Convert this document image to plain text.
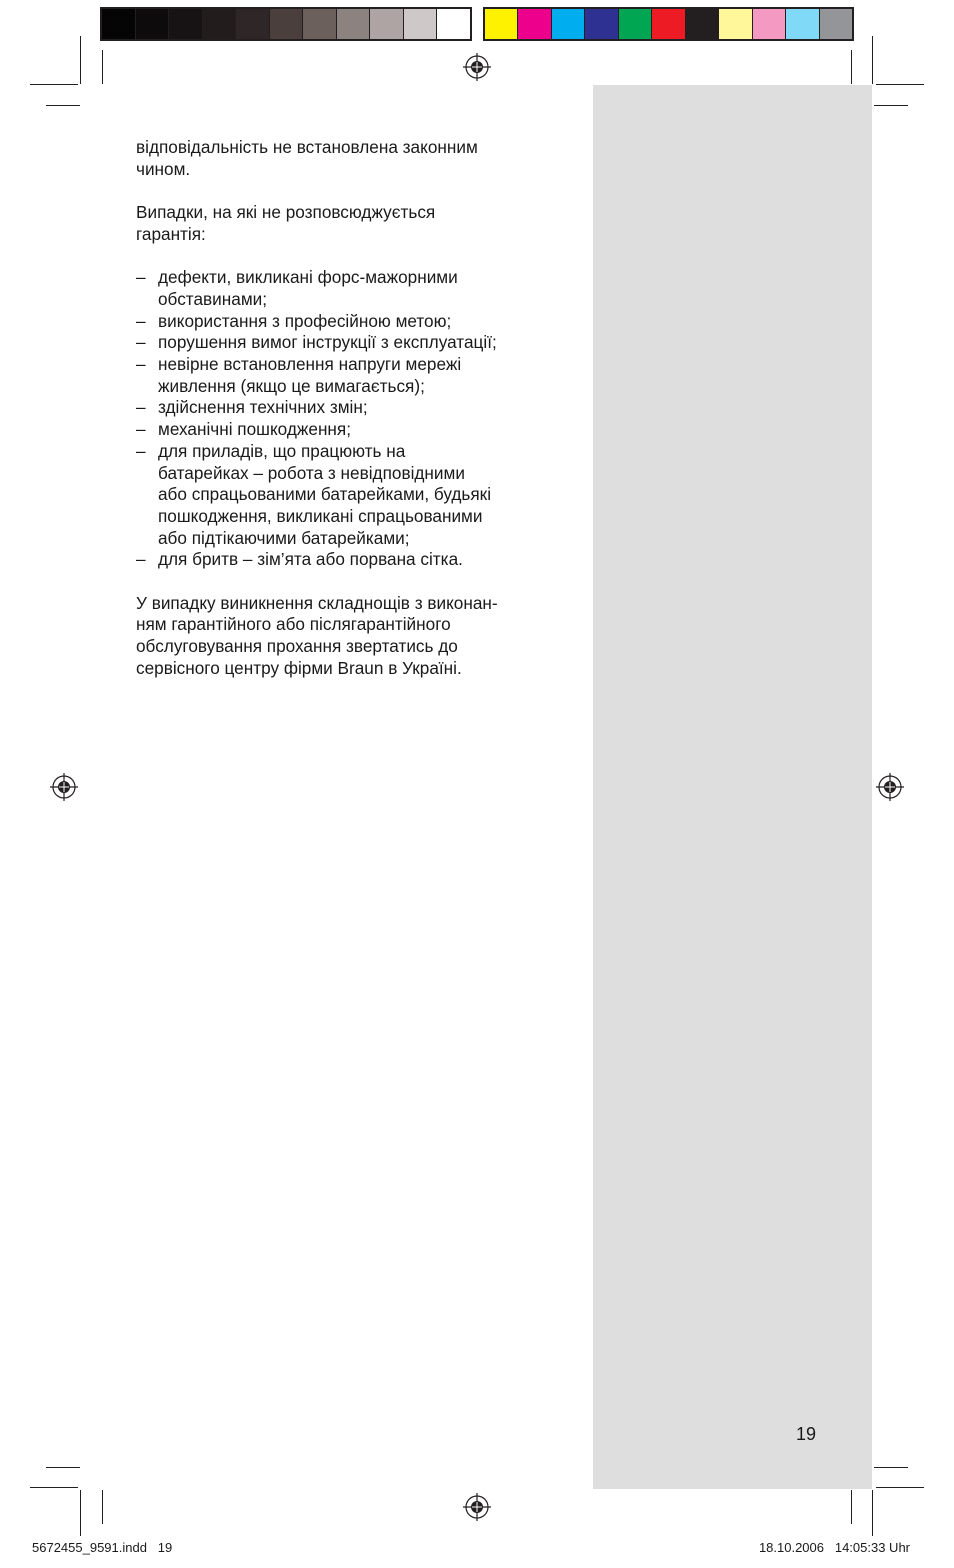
19

відповідальність не встановлена законним
чином.

Випадки, на які не розповсюджується
гарантія:

– дефекти, викликані форс-мажорними
обставинами;
– використання з професійною метою;
– порушення вимог інструкції з експлуатації;
– невірне встановлення напруги мережі
живлення (якщо це вимагається);
– здійснення технічних змін;
– механічні пошкодження;
– для приладів, що працюють на
батарейках – робота з невідповідними
або спрацьованими батарейками, будьякі
пошкодження, викликані спрацьованими
або підтікаючими батарейками;
– для бритв – зім’ята або порвана сітка.

У випадку виникнення складнощів з виконан-
ням гарантійного або післягарантійного
обслуговування прохання звертатись до
сервісного центру фірми Braun в Україні.

5672455_9591.indd   19	18.10.2006   14:05:33 Uhr
